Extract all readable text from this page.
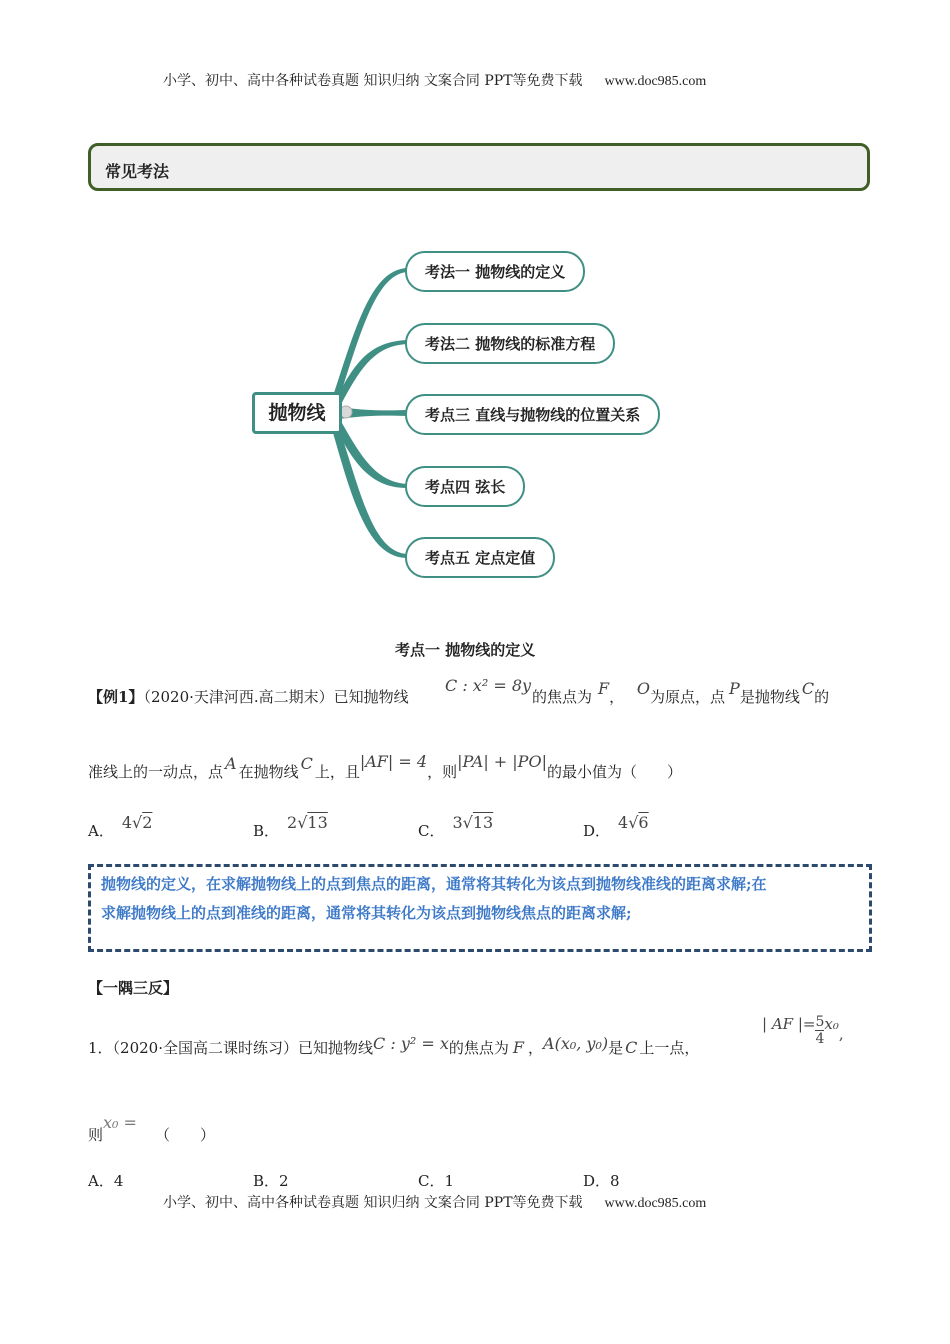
小学、初中、高中各种试卷真题 知识归纳 文案合同 PPT等免费下载 www.doc985.com
常见考法
抛物线
考法一 抛物线的定义
考法二 抛物线的标准方程
考点三 直线与抛物线的位置关系
考点四 弦长
考点五 定点定值
考点一 抛物线的定义
【例1】（2020·天津河西.高二期末）已知抛物线
C : x² = 8y
的焦点为 F， O为原点，点 P是抛物线 C的
准线上的一动点，点 A 在抛物线 C 上，且|AF| = 4，则|PA| + |PO|的最小值为（　　）
A． 4√2	B． 2√13	C． 3√13	D． 4√6

抛物线的定义，在求解抛物线上的点到焦点的距离，通常将其转化为该点到抛物线准线的距离求解;在

求解抛物线上的点到准线的距离，通常将其转化为该点到抛物线焦点的距离求解;

【一隅三反】
1．（2020·全国高二课时练习）已知抛物线C : y² = x的焦点为 F ，A(x₀, y₀)是 C 上一点，
| AF |= $\frac{5}{4} x_0$,
则x₀ =（　　）
A．4	B．2	C．1	D．8
小学、初中、高中各种试卷真题 知识归纳 文案合同 PPT等免费下载 www.doc985.com
